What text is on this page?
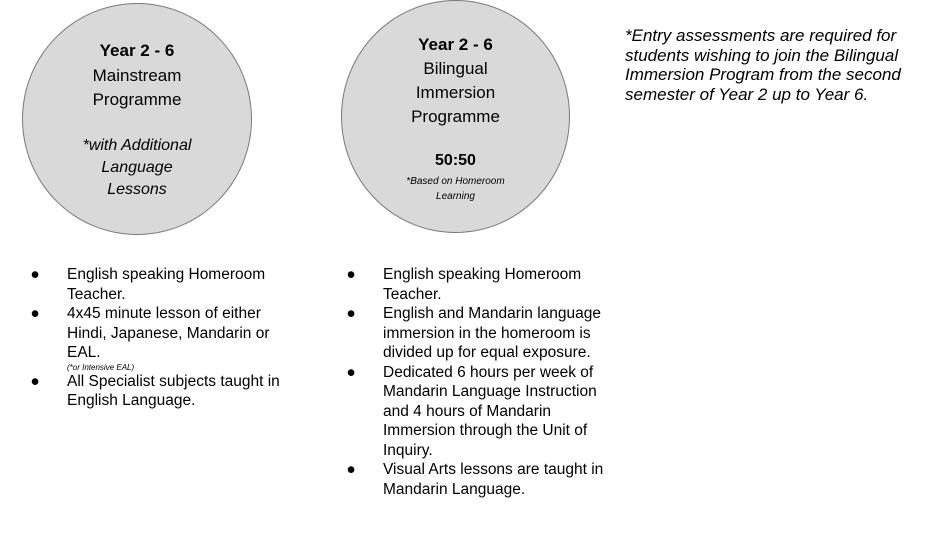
Year 2 - 6

Mainstream

Programme

*with Additional

Language

Lessons

Year 2 - 6

Bilingual

Immersion

Programme

50:50

*Based on Homeroom

Learning

*Entry assessments are required for students wishing to join the Bilingual Immersion Program from the second semester of Year 2 up to Year 6.

● English speaking Homeroom Teacher.
● 4x45 minute lesson of either Hindi, Japanese, Mandarin or EAL.
(*or Intensive EAL)
● All Specialist subjects taught in English Language.
● English speaking Homeroom Teacher.
● English and Mandarin language immersion in the homeroom is divided up for equal exposure.
● Dedicated 6 hours per week of Mandarin Language Instruction and 4 hours of Mandarin Immersion through the Unit of Inquiry.
● Visual Arts lessons are taught in Mandarin Language.
